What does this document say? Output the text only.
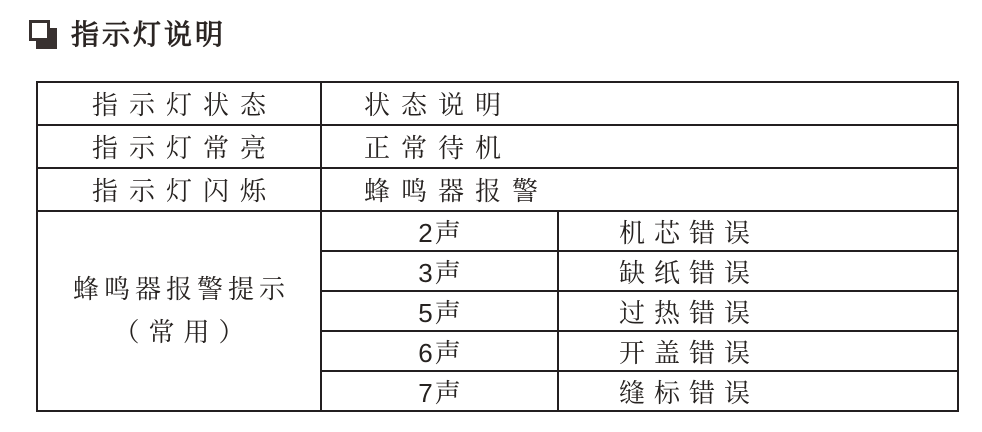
指示灯说明
指示灯状态	状态说明	
指示灯常亮	正常待机	
指示灯闪烁	蜂鸣器报警	

蜂鸣器报警提示
（常用）	2声	机芯错误
	3声	缺纸错误
	5声	过热错误
	6声	开盖错误
	7声	缝标错误
